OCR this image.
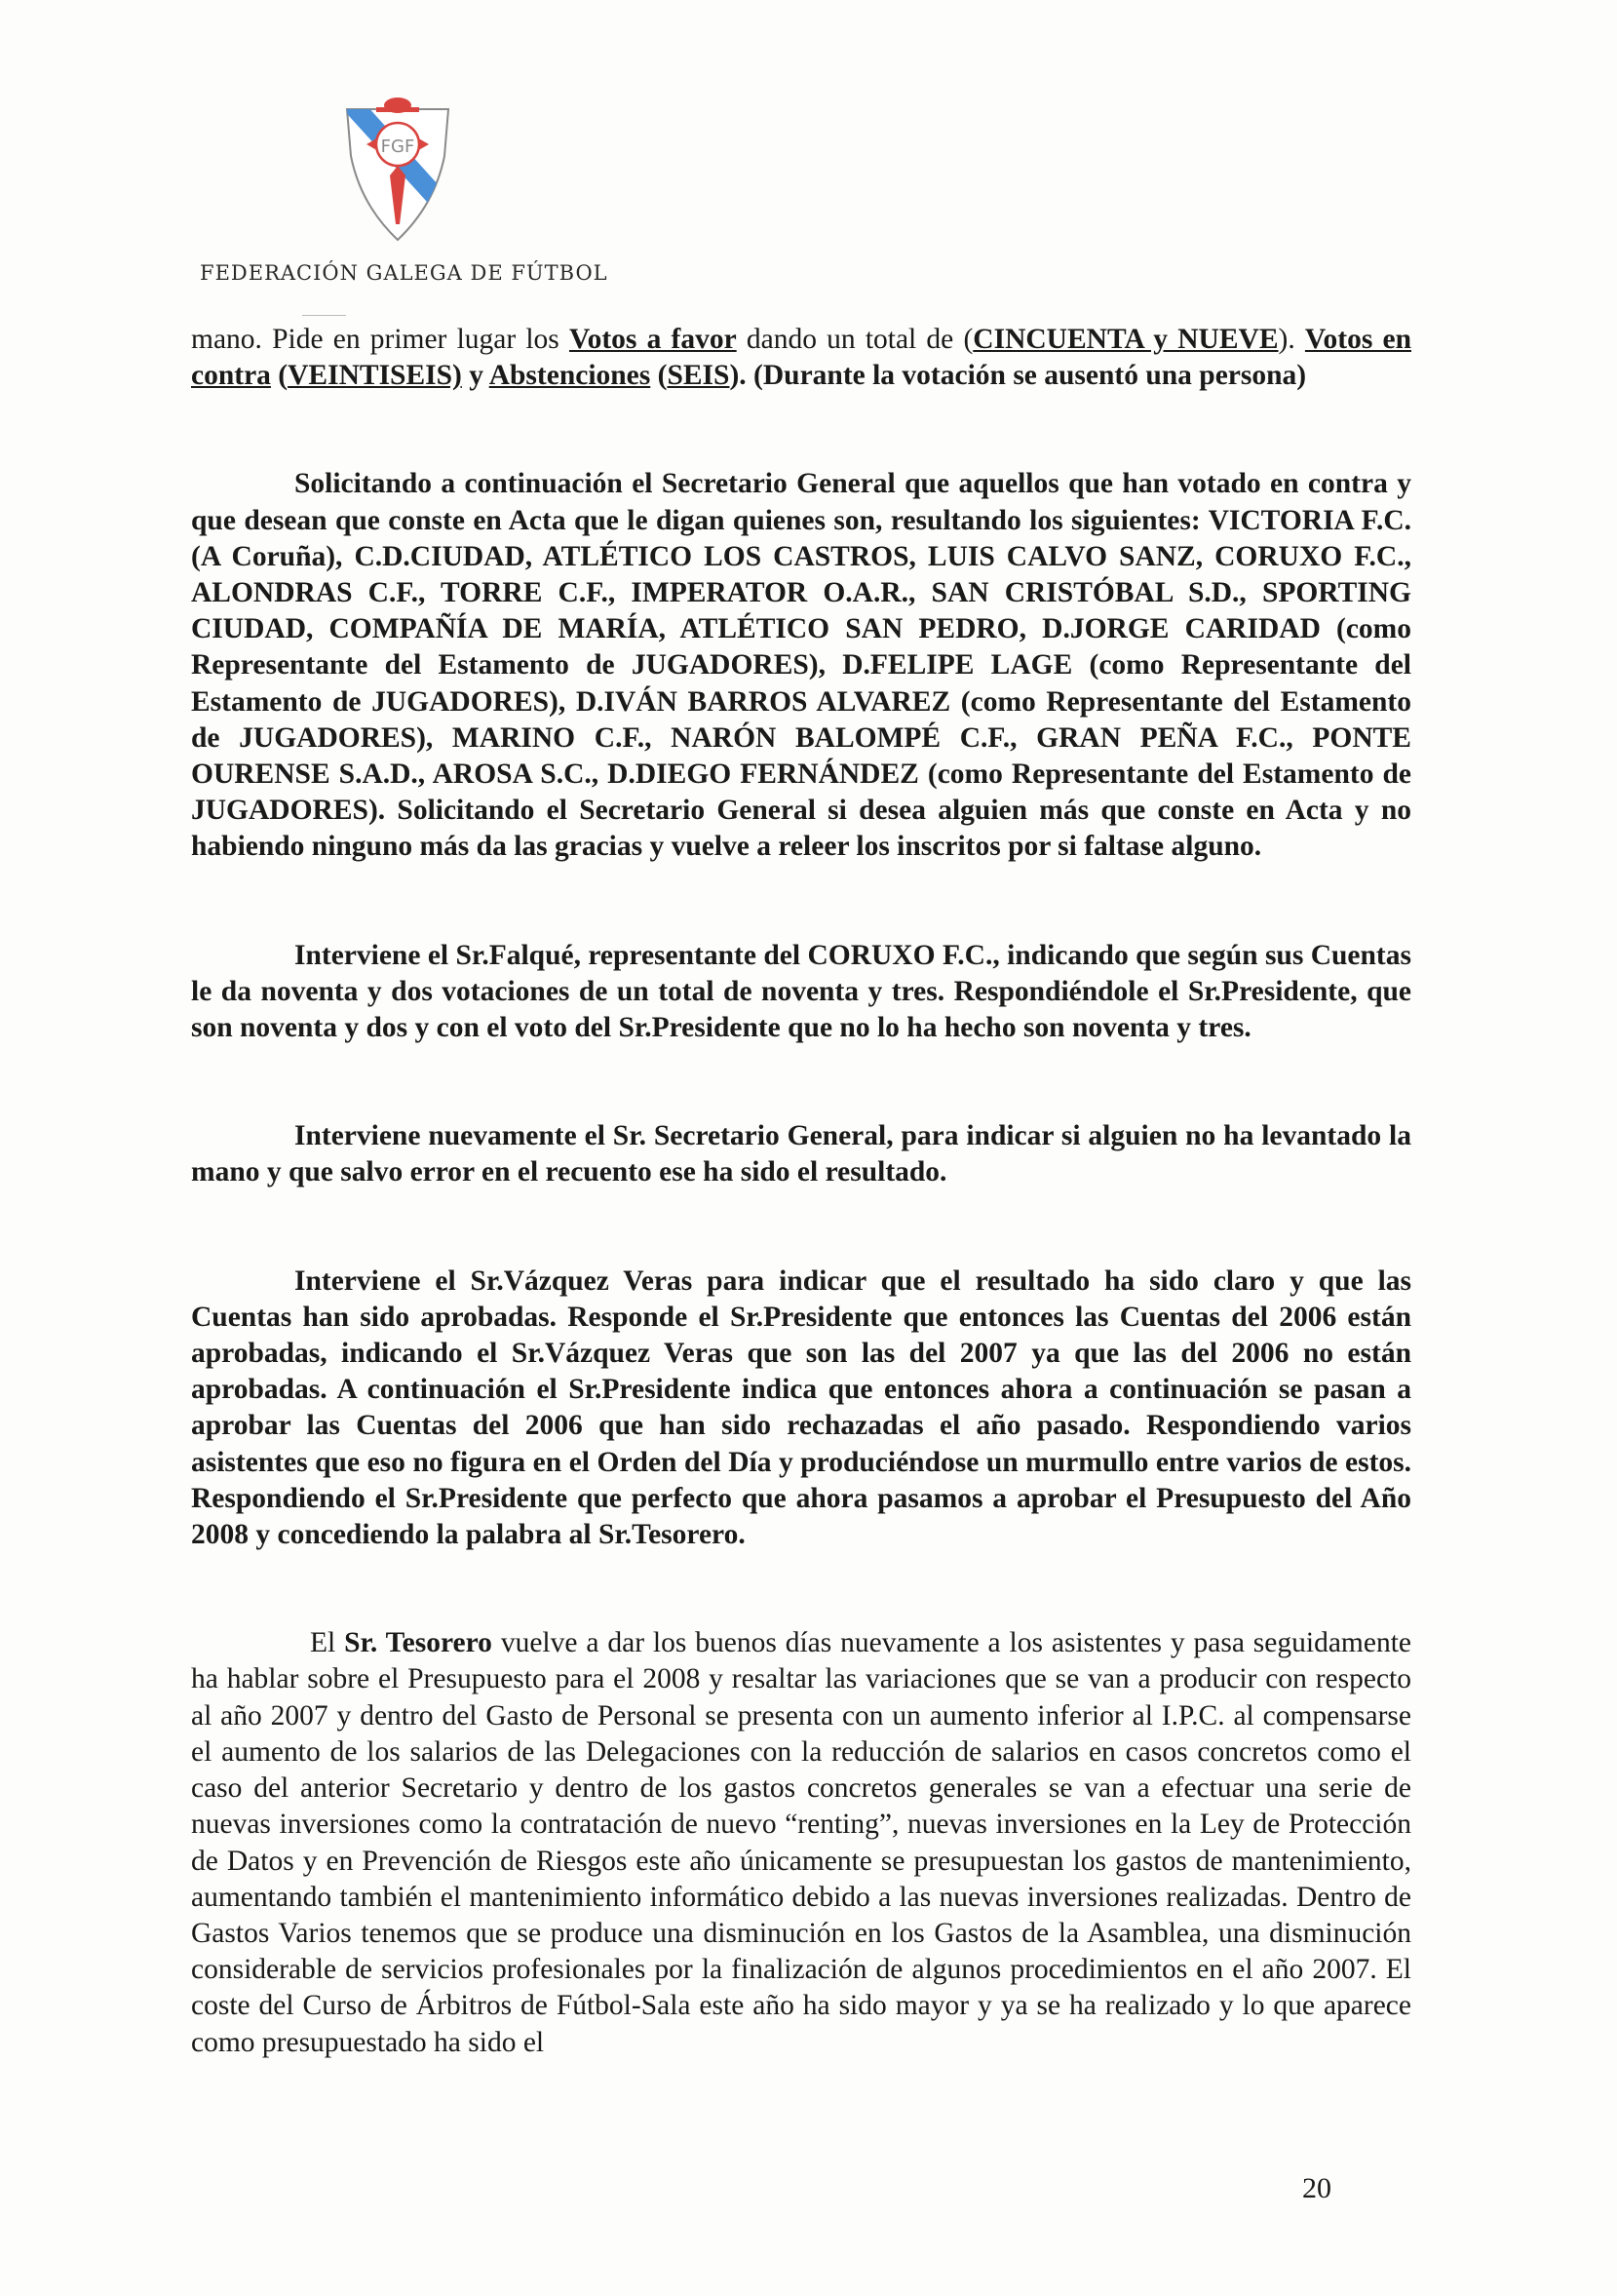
FGF
FEDERACIÓN GALEGA DE FÚTBOL

mano. Pide en primer lugar los Votos a favor dando un total de (CINCUENTA y NUEVE). Votos en contra (VEINTISEIS) y Abstenciones (SEIS). (Durante la votación se ausentó una persona)

Solicitando a continuación el Secretario General que aquellos que han votado en contra y que desean que conste en Acta que le digan quienes son, resultando los siguientes: VICTORIA F.C. (A Coruña), C.D.CIUDAD, ATLÉTICO LOS CASTROS, LUIS CALVO SANZ, CORUXO F.C., ALONDRAS C.F., TORRE C.F., IMPERATOR O.A.R., SAN CRISTÓBAL S.D., SPORTING CIUDAD, COMPAÑÍA DE MARÍA, ATLÉTICO SAN PEDRO, D.JORGE CARIDAD (como Representante del Estamento de JUGADORES), D.FELIPE LAGE (como Representante del Estamento de JUGADORES), D.IVÁN BARROS ALVAREZ (como Representante del Estamento de JUGADORES), MARINO C.F., NARÓN BALOMPÉ C.F., GRAN PEÑA F.C., PONTE OURENSE S.A.D., AROSA S.C., D.DIEGO FERNÁNDEZ (como Representante del Estamento de JUGADORES). Solicitando el Secretario General si desea alguien más que conste en Acta y no habiendo ninguno más da las gracias y vuelve a releer los inscritos por si faltase alguno.

Interviene el Sr.Falqué, representante del CORUXO F.C., indicando que según sus Cuentas le da noventa y dos votaciones de un total de noventa y tres. Respondiéndole el Sr.Presidente, que son noventa y dos y con el voto del Sr.Presidente que no lo ha hecho son noventa y tres.

Interviene nuevamente el Sr. Secretario General, para indicar si alguien no ha levantado la mano y que salvo error en el recuento ese ha sido el resultado.

Interviene el Sr.Vázquez Veras para indicar que el resultado ha sido claro y que las Cuentas han sido aprobadas. Responde el Sr.Presidente que entonces las Cuentas del 2006 están aprobadas, indicando el Sr.Vázquez Veras que son las del 2007 ya que las del 2006 no están aprobadas. A continuación el Sr.Presidente indica que entonces ahora a continuación se pasan a aprobar las Cuentas del 2006 que han sido rechazadas el año pasado. Respondiendo varios asistentes que eso no figura en el Orden del Día y produciéndose un murmullo entre varios de estos. Respondiendo el Sr.Presidente que perfecto que ahora pasamos a aprobar el Presupuesto del Año 2008 y concediendo la palabra al Sr.Tesorero.

El Sr. Tesorero vuelve a dar los buenos días nuevamente a los asistentes y pasa seguidamente ha hablar sobre el Presupuesto para el 2008 y resaltar las variaciones que se van a producir con respecto al año 2007 y dentro del Gasto de Personal se presenta con un aumento inferior al I.P.C. al compensarse el aumento de los salarios de las Delegaciones con la reducción de salarios en casos concretos como el caso del anterior Secretario y dentro de los gastos concretos generales se van a efectuar una serie de nuevas inversiones como la contratación de nuevo “renting”, nuevas inversiones en la Ley de Protección de Datos y en Prevención de Riesgos este año únicamente se presupuestan los gastos de mantenimiento, aumentando también el mantenimiento informático debido a las nuevas inversiones realizadas. Dentro de Gastos Varios tenemos que se produce una disminución en los Gastos de la Asamblea, una disminución considerable de servicios profesionales por la finalización de algunos procedimientos en el año 2007. El coste del Curso de Árbitros de Fútbol-Sala este año ha sido mayor y ya se ha realizado y lo que aparece como presupuestado ha sido el

20
